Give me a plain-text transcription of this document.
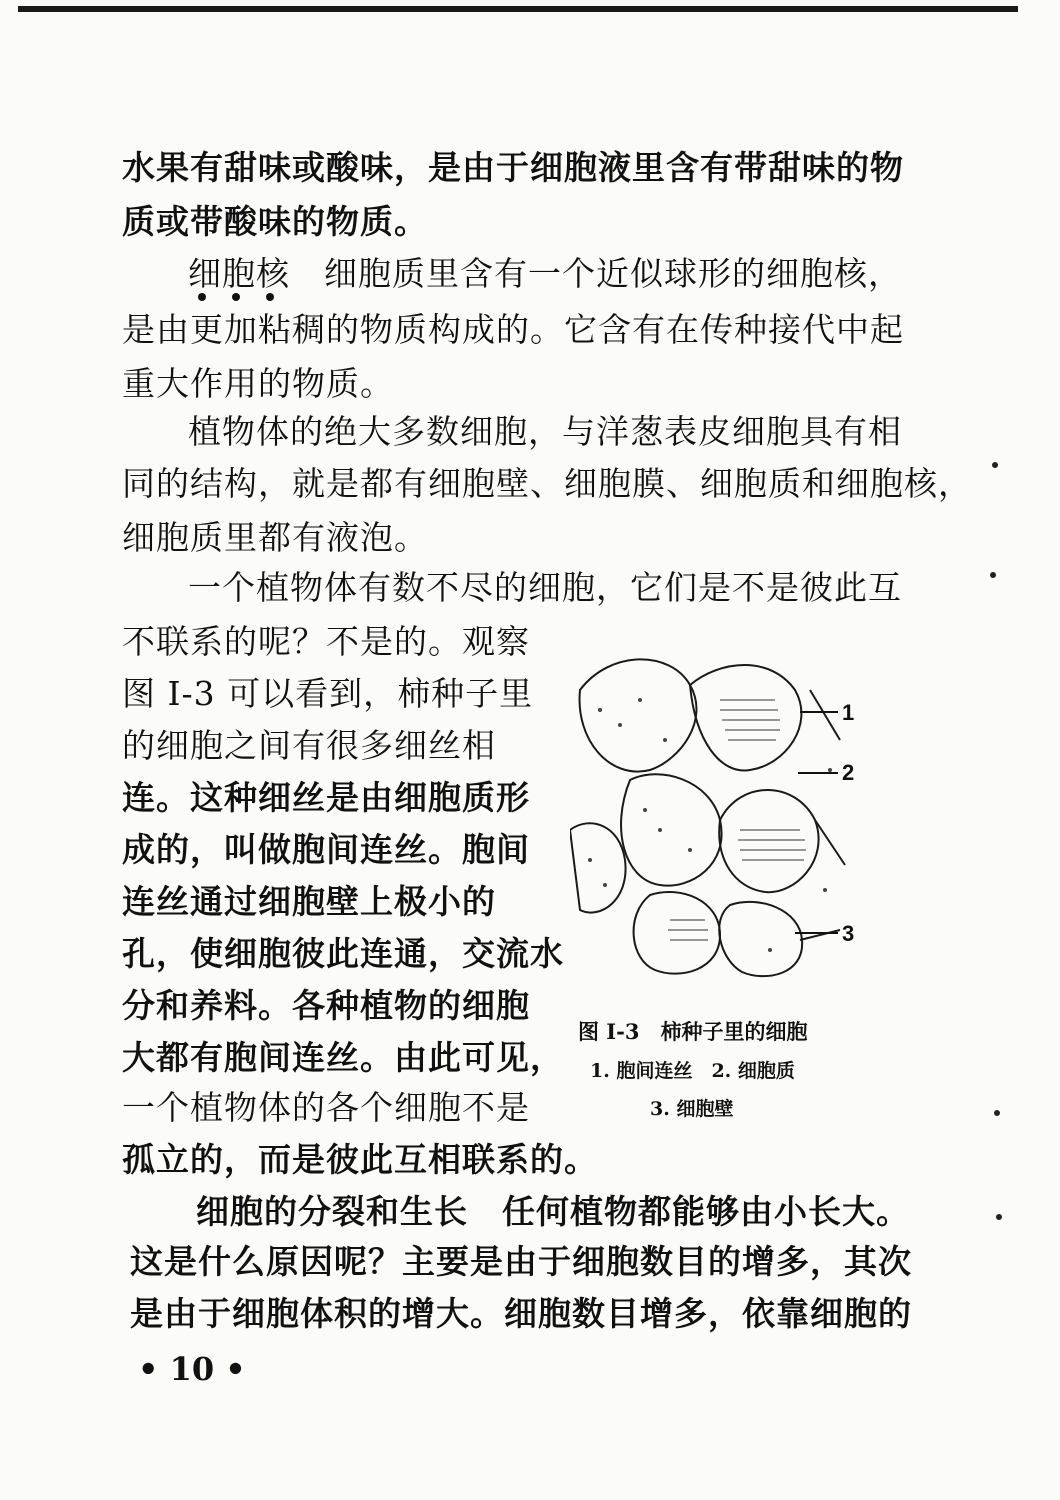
水果有甜味或酸味，是由于细胞液里含有带甜味的物
质或带酸味的物质。
细胞核　细胞质里含有一个近似球形的细胞核，
是由更加粘稠的物质构成的。它含有在传种接代中起
重大作用的物质。
植物体的绝大多数细胞，与洋葱表皮细胞具有相
同的结构，就是都有细胞壁、细胞膜、细胞质和细胞核，
细胞质里都有液泡。
一个植物体有数不尽的细胞，它们是不是彼此互
不联系的呢？不是的。观察
图 I-3 可以看到，柿种子里
的细胞之间有很多细丝相
连。这种细丝是由细胞质形
成的，叫做胞间连丝。胞间
连丝通过细胞壁上极小的
孔，使细胞彼此连通，交流水
分和养料。各种植物的细胞
大都有胞间连丝。由此可见，
一个植物体的各个细胞不是
孤立的，而是彼此互相联系的。
细胞的分裂和生长　任何植物都能够由小长大。
这是什么原因呢？主要是由于细胞数目的增多，其次
是由于细胞体积的增大。细胞数目增多，依靠细胞的
1
2
3
图 I-3　柿种子里的细胞
1. 胞间连丝　2. 细胞质
3. 细胞壁
• 10 •
